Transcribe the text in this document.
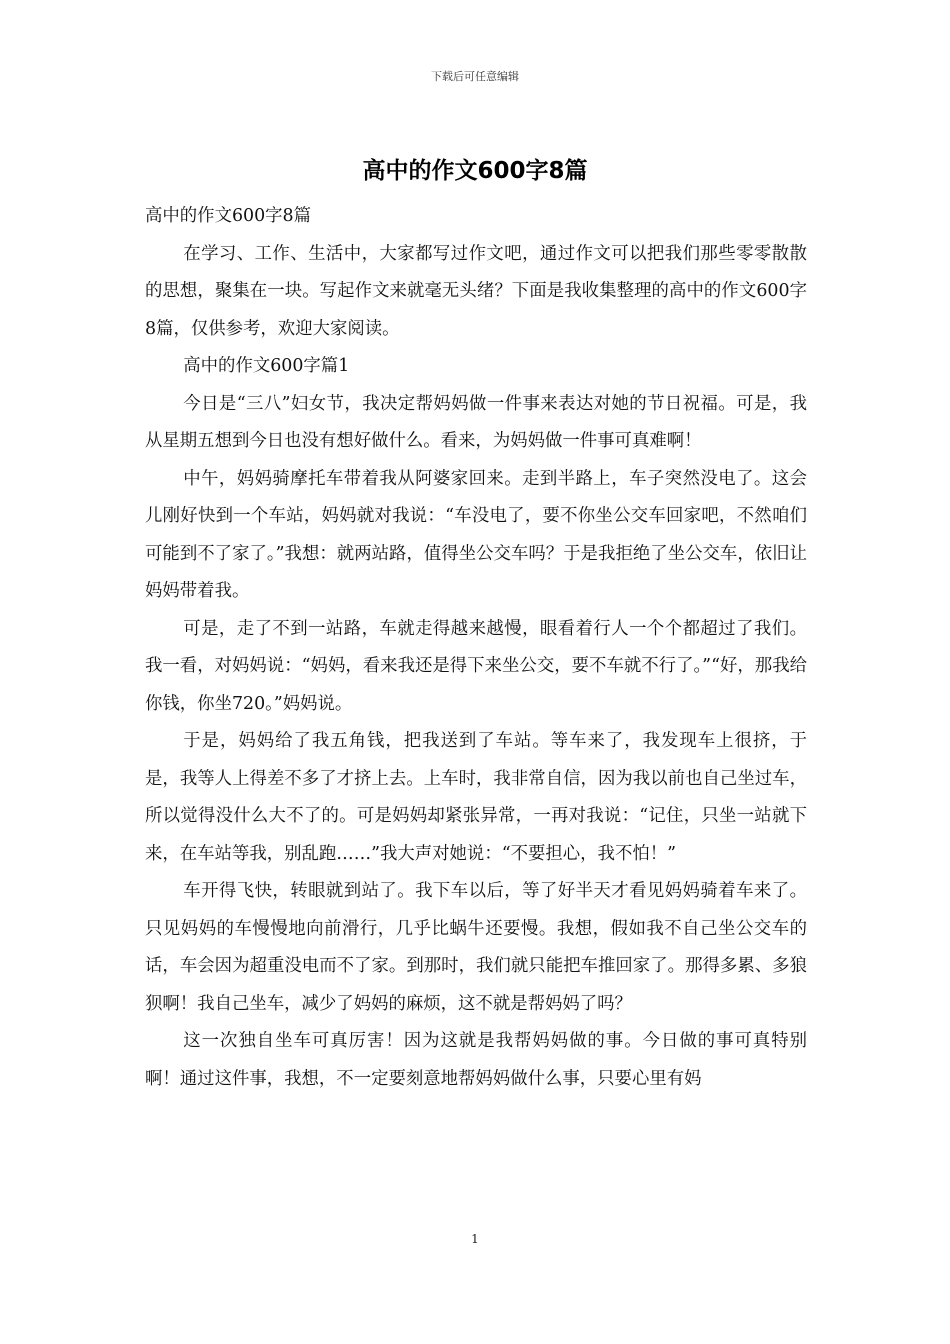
下载后可任意编辑
高中的作文600字8篇

高中的作文600字8篇

在学习、工作、生活中，大家都写过作文吧，通过作文可以把我们那些零零散散的思想，聚集在一块。写起作文来就毫无头绪？下面是我收集整理的高中的作文600字8篇，仅供参考，欢迎大家阅读。

高中的作文600字篇1

今日是“三八”妇女节，我决定帮妈妈做一件事来表达对她的节日祝福。可是，我从星期五想到今日也没有想好做什么。看来，为妈妈做一件事可真难啊！

中午，妈妈骑摩托车带着我从阿婆家回来。走到半路上，车子突然没电了。这会儿刚好快到一个车站，妈妈就对我说：“车没电了，要不你坐公交车回家吧，不然咱们可能到不了家了。”我想：就两站路，值得坐公交车吗？于是我拒绝了坐公交车，依旧让妈妈带着我。

可是，走了不到一站路，车就走得越来越慢，眼看着行人一个个都超过了我们。我一看，对妈妈说：“妈妈，看来我还是得下来坐公交，要不车就不行了。”“好，那我给你钱，你坐720。”妈妈说。

于是，妈妈给了我五角钱，把我送到了车站。等车来了，我发现车上很挤，于是，我等人上得差不多了才挤上去。上车时，我非常自信，因为我以前也自己坐过车，所以觉得没什么大不了的。可是妈妈却紧张异常，一再对我说：“记住，只坐一站就下来，在车站等我，别乱跑……”我大声对她说：“不要担心，我不怕！”

车开得飞快，转眼就到站了。我下车以后，等了好半天才看见妈妈骑着车来了。只见妈妈的车慢慢地向前滑行，几乎比蜗牛还要慢。我想，假如我不自己坐公交车的话，车会因为超重没电而不了家。到那时，我们就只能把车推回家了。那得多累、多狼狈啊！我自己坐车，减少了妈妈的麻烦，这不就是帮妈妈了吗？

这一次独自坐车可真厉害！因为这就是我帮妈妈做的事。今日做的事可真特别啊！通过这件事，我想，不一定要刻意地帮妈妈做什么事，只要心里有妈

1
